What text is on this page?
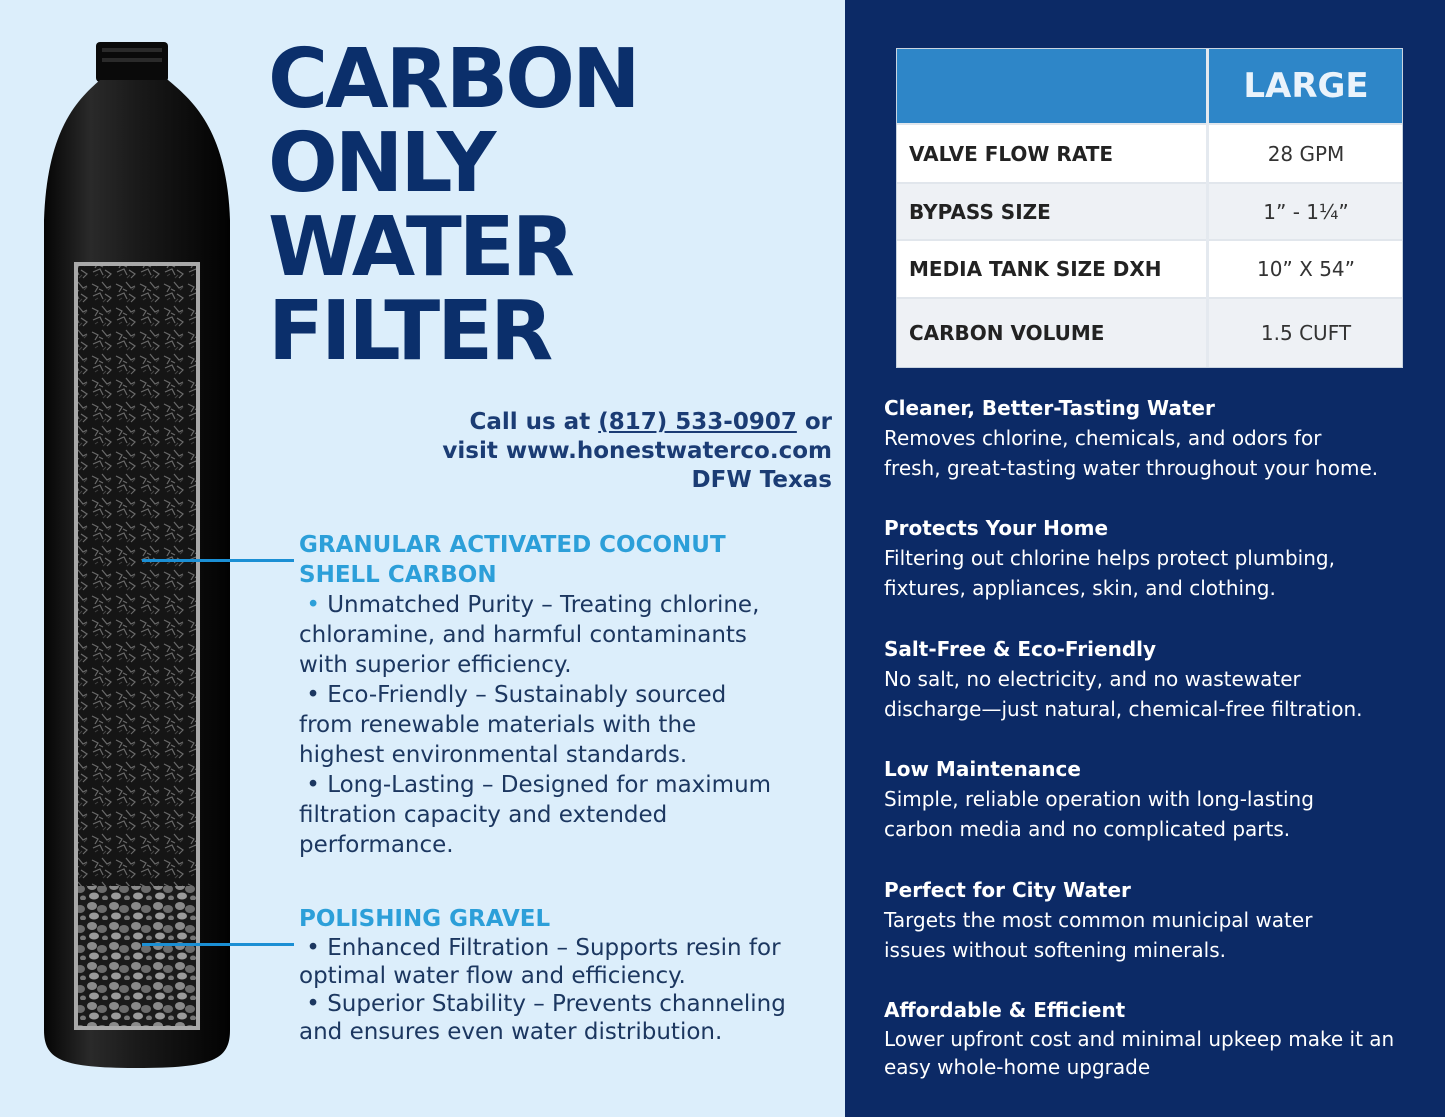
CARBON
ONLY
WATER
FILTER
Call us at (817) 533-0907 or
visit www.honestwaterco.com
DFW Texas
GRANULAR ACTIVATED COCONUT
SHELL CARBON

• Unmatched Purity – Treating chlorine,
chloramine, and harmful contaminants
with superior efficiency.

• Eco-Friendly – Sustainably sourced
from renewable materials with the
highest environmental standards.

• Long-Lasting – Designed for maximum
filtration capacity and extended
performance.

POLISHING GRAVEL

• Enhanced Filtration – Supports resin for
optimal water flow and efficiency.

• Superior Stability – Prevents channeling
and ensures even water distribution.

LARGE
VALVE FLOW RATE	28 GPM
BYPASS SIZE	1” - 1¼”
MEDIA TANK SIZE DXH	10” X 54”
CARBON VOLUME	1.5 CUFT
Cleaner, Better-Tasting Water

Removes chlorine, chemicals, and odors for
fresh, great-tasting water throughout your home.

Protects Your Home

Filtering out chlorine helps protect plumbing,
fixtures, appliances, skin, and clothing.

Salt-Free & Eco-Friendly

No salt, no electricity, and no wastewater
discharge—just natural, chemical-free filtration.

Low Maintenance

Simple, reliable operation with long-lasting
carbon media and no complicated parts.

Perfect for City Water

Targets the most common municipal water
issues without softening minerals.

Affordable & Efficient

Lower upfront cost and minimal upkeep make it an
easy whole-home upgrade
